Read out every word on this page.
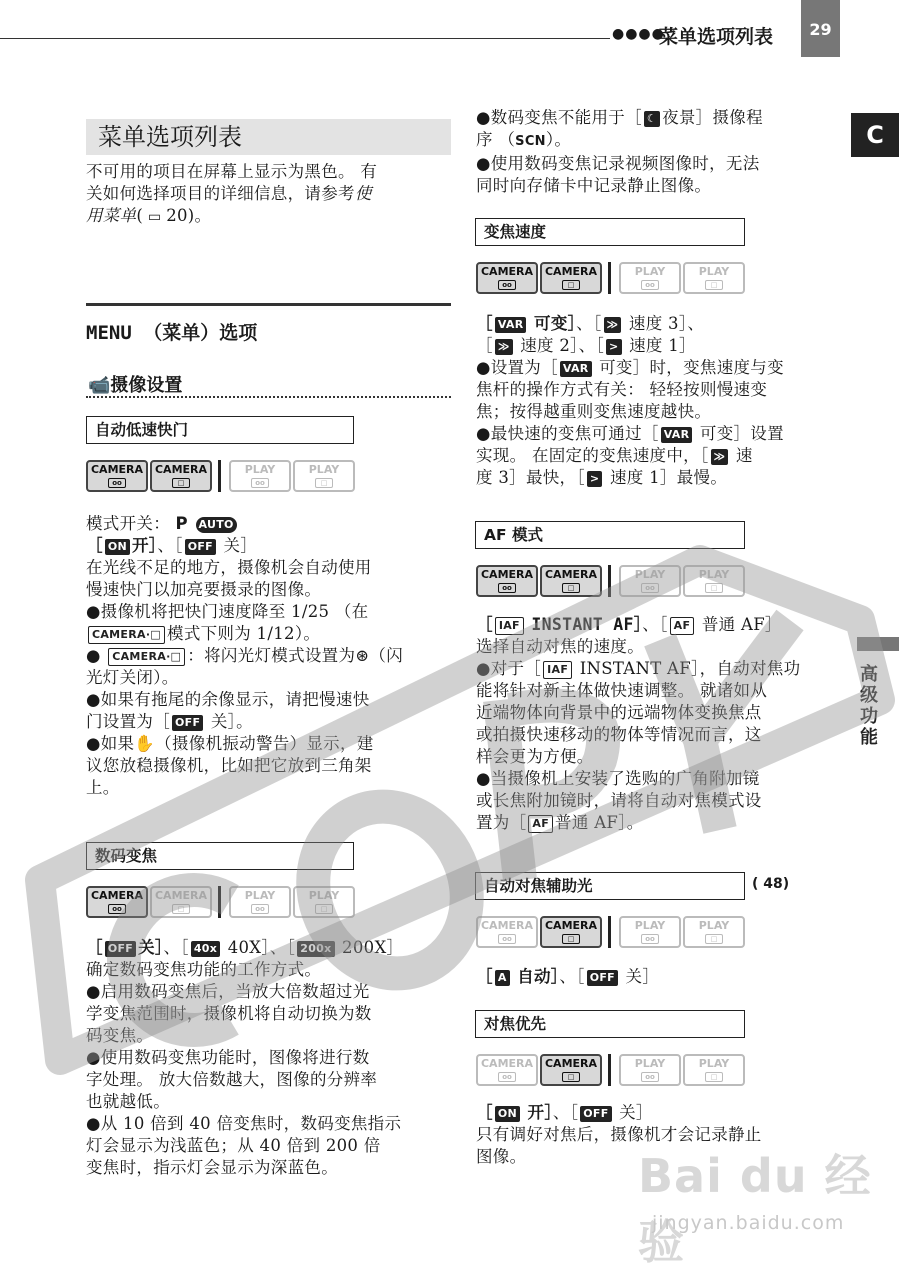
●●●●
菜单选项列表	29
C
高级功能
菜单选项列表
不可用的项目在屏幕上显示为黑色。 有
关如何选择项目的详细信息，请参考使
用菜单( ▭ 20)。
MENU （菜单）选项
📹摄像设置
自动低速快门
CAMERA
oo
CAMERA
□
PLAY
oo
PLAY
□
模式开关： P AUTO
［ ON 开］、［ OFF 关］
在光线不足的地方，摄像机会自动使用
慢速快门以加亮要摄录的图像。
●摄像机将把快门速度降至 1/25 （在
CAMERA·□ 模式下则为 1/12）。
● CAMERA·□ ：将闪光灯模式设置为⊛（闪
光灯关闭）。
●如果有拖尾的余像显示，请把慢速快
门设置为［ OFF 关］。
●如果✋（摄像机振动警告）显示，建
议您放稳摄像机，比如把它放到三角架
上。
数码变焦
CAMERA
oo
CAMERA
□
PLAY
oo
PLAY
□
［ OFF 关］、［ 40x 40X］、［ 200x 200X］
确定数码变焦功能的工作方式。
●启用数码变焦后，当放大倍数超过光
学变焦范围时，摄像机将自动切换为数
码变焦。
●使用数码变焦功能时，图像将进行数
字处理。 放大倍数越大，图像的分辨率
也就越低。
●从 10 倍到 40 倍变焦时，数码变焦指示
灯会显示为浅蓝色；从 40 倍到 200 倍
变焦时，指示灯会显示为深蓝色。
●数码变焦不能用于［ ☾ 夜景］摄像程
序 （SCN）。
●使用数码变焦记录视频图像时，无法
同时向存储卡中记录静止图像。
变焦速度
CAMERA
oo
CAMERA
□
PLAY
oo
PLAY
□
［ VAR 可变］、［ ≫ 速度 3］、
［ ≫ 速度 2］、［ > 速度 1］
●设置为［ VAR 可变］时，变焦速度与变
焦杆的操作方式有关： 轻轻按则慢速变
焦；按得越重则变焦速度越快。
●最快速的变焦可通过［ VAR 可变］设置
实现。 在固定的变焦速度中，［ ≫ 速
度 3］最快，［ > 速度 1］最慢。
AF 模式
CAMERA
oo
CAMERA
□
PLAY
oo
PLAY
□
［ IAF INSTANT AF］、［ AF 普通 AF］
选择自动对焦的速度。
●对于［ IAF INSTANT AF］，自动对焦功
能将针对新主体做快速调整。 就诸如从
近端物体向背景中的远端物体变换焦点
或拍摄快速移动的物体等情况而言，这
样会更为方便。
●当摄像机上安装了选购的广角附加镜
或长焦附加镜时，请将自动对焦模式设
置为［ AF 普通 AF］。
自动对焦辅助光	( 48)
CAMERA
oo
CAMERA
□
PLAY
oo
PLAY
□
［ A 自动］、［ OFF 关］
对焦优先
CAMERA
oo
CAMERA
□
PLAY
oo
PLAY
□
［ ON 开］、［ OFF 关］
只有调好对焦后，摄像机才会记录静止
图像。	Bai du 经验
jingyan.baidu.com
